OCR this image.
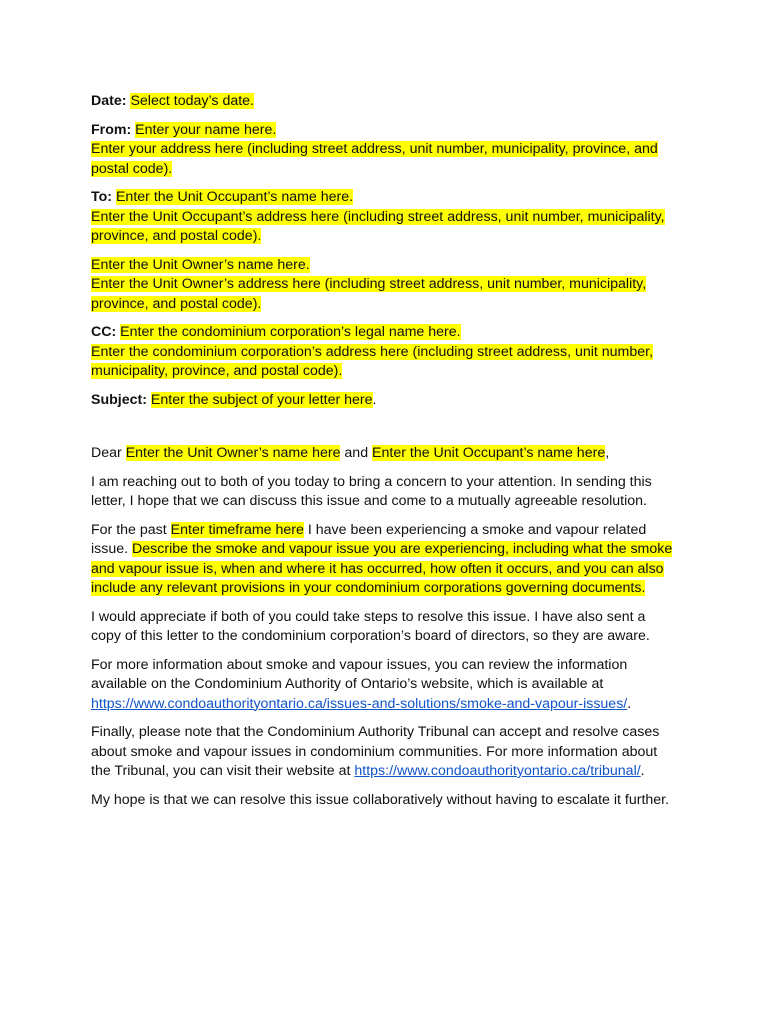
Date: Select today’s date.

From: Enter your name here.
Enter your address here (including street address, unit number, municipality, province, and postal code).

To: Enter the Unit Occupant’s name here.
Enter the Unit Occupant’s address here (including street address, unit number, municipality, province, and postal code).

Enter the Unit Owner’s name here.
Enter the Unit Owner’s address here (including street address, unit number, municipality, province, and postal code).

CC: Enter the condominium corporation’s legal name here.
Enter the condominium corporation’s address here (including street address, unit number, municipality, province, and postal code).

Subject: Enter the subject of your letter here.

Dear Enter the Unit Owner’s name here and Enter the Unit Occupant’s name here,

I am reaching out to both of you today to bring a concern to your attention. In sending this letter, I hope that we can discuss this issue and come to a mutually agreeable resolution.

For the past Enter timeframe here I have been experiencing a smoke and vapour related issue. Describe the smoke and vapour issue you are experiencing, including what the smoke and vapour issue is, when and where it has occurred, how often it occurs, and you can also include any relevant provisions in your condominium corporations governing documents.

I would appreciate if both of you could take steps to resolve this issue. I have also sent a copy of this letter to the condominium corporation’s board of directors, so they are aware.

For more information about smoke and vapour issues, you can review the information available on the Condominium Authority of Ontario’s website, which is available at https://www.condoauthorityontario.ca/issues-and-solutions/smoke-and-vapour-issues/.

Finally, please note that the Condominium Authority Tribunal can accept and resolve cases about smoke and vapour issues in condominium communities. For more information about the Tribunal, you can visit their website at https://www.condoauthorityontario.ca/tribunal/.

My hope is that we can resolve this issue collaboratively without having to escalate it further.
